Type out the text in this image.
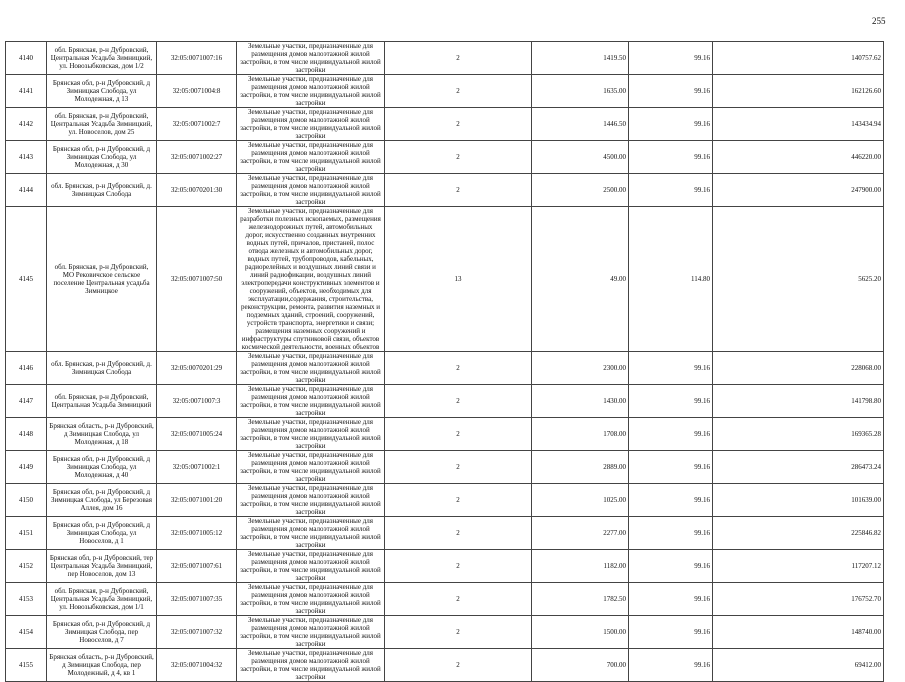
255
4140	обл. Брянская, р-н Дубровский, Центральная Усадьба Зимницкий, ул. Новозыбковская, дом 1/2	32:05:0071007:16	Земельные участки, предназначенные для размещения домов малоэтажной жилой застройки, в том числе индивидуальной жилой застройки	2	1419.50	99.16	140757.62
4141	Брянская обл, р-н Дубровский, д Зимницкая Слобода, ул Молодежная, д 13	32:05:0071004:8	Земельные участки, предназначенные для размещения домов малоэтажной жилой застройки, в том числе индивидуальной жилой застройки	2	1635.00	99.16	162126.60
4142	обл. Брянская, р-н Дубровский, Центральная Усадьба Зимницкий, ул. Новоселов, дом 25	32:05:0071002:7	Земельные участки, предназначенные для размещения домов малоэтажной жилой застройки, в том числе индивидуальной жилой застройки	2	1446.50	99.16	143434.94
4143	Брянская обл, р-н Дубровский, д Зимницкая Слобода, ул Молодежная, д 30	32:05:0071002:27	Земельные участки, предназначенные для размещения домов малоэтажной жилой застройки, в том числе индивидуальной жилой застройки	2	4500.00	99.16	446220.00
4144	обл. Брянская, р-н Дубровский, д. Зимницкая Слобода	32:05:0070201:30	Земельные участки, предназначенные для размещения домов малоэтажной жилой застройки, в том числе индивидуальной жилой застройки	2	2500.00	99.16	247900.00
4145	обл. Брянская, р-н Дубровский, МО Рековичское сельское поселение Центральная усадьба Зимницкое	32:05:0071007:50	Земельные участки, предназначенные для разработки полезных ископаемых, размещения железнодорожных путей, автомобильных дорог, искусственно созданных внутренних водных путей, причалов, пристаней, полос отвода железных и автомобильных дорог, водных путей, трубопроводов, кабельных, радиорелейных и воздушных линий связи и линий радиофикации, воздушных линий электропередачи конструктивных элементов и сооружений, объектов, необходимых для эксплуатации,содержания, строительства, реконструкции, ремонта, развития наземных и подземных зданий, строений, сооружений, устройств транспорта, энергетики и связи; размещения наземных сооружений и инфраструктуры спутниковой связи, объектов космической деятельности, военных объектов	13	49.00	114.80	5625.20
4146	обл. Брянская, р-н Дубровский, д. Зимницкая Слобода	32:05:0070201:29	Земельные участки, предназначенные для размещения домов малоэтажной жилой застройки, в том числе индивидуальной жилой застройки	2	2300.00	99.16	228068.00
4147	обл. Брянская, р-н Дубровский, Центральная Усадьба Зимницкий	32:05:0071007:3	Земельные участки, предназначенные для размещения домов малоэтажной жилой застройки, в том числе индивидуальной жилой застройки	2	1430.00	99.16	141798.80
4148	Брянская область, р-н Дубровский, д Зимницкая Слобода, ул Молодежная, д 18	32:05:0071005:24	Земельные участки, предназначенные для размещения домов малоэтажной жилой застройки, в том числе индивидуальной жилой застройки	2	1708.00	99.16	169365.28
4149	Брянская обл, р-н Дубровский, д Зимницкая Слобода, ул Молодежная, д 40	32:05:0071002:1	Земельные участки, предназначенные для размещения домов малоэтажной жилой застройки, в том числе индивидуальной жилой застройки	2	2889.00	99.16	286473.24
4150	Брянская обл, р-н Дубровский, д Зимницкая Слобода, ул Березовая Аллея, дом 16	32:05:0071001:20	Земельные участки, предназначенные для размещения домов малоэтажной жилой застройки, в том числе индивидуальной жилой застройки	2	1025.00	99.16	101639.00
4151	Брянская обл, р-н Дубровский, д Зимницкая Слобода, ул Новоселов, д 1	32:05:0071005:12	Земельные участки, предназначенные для размещения домов малоэтажной жилой застройки, в том числе индивидуальной жилой застройки	2	2277.00	99.16	225846.82
4152	Брянская обл, р-н Дубровский, тер Центральная Усадьба Зимницкий, пер Новоселов, дом 13	32:05:0071007:61	Земельные участки, предназначенные для размещения домов малоэтажной жилой застройки, в том числе индивидуальной жилой застройки	2	1182.00	99.16	117207.12
4153	обл. Брянская, р-н Дубровский, Центральная Усадьба Зимницкий, ул. Новозыбковская, дом 1/1	32:05:0071007:35	Земельные участки, предназначенные для размещения домов малоэтажной жилой застройки, в том числе индивидуальной жилой застройки	2	1782.50	99.16	176752.70
4154	Брянская обл, р-н Дубровский, д Зимницкая Слобода, пер Новоселов, д 7	32:05:0071007:32	Земельные участки, предназначенные для размещения домов малоэтажной жилой застройки, в том числе индивидуальной жилой застройки	2	1500.00	99.16	148740.00
4155	Брянская область, р-н Дубровский, д Зимницкая Слобода, пер Молодежный, д 4, кв 1	32:05:0071004:32	Земельные участки, предназначенные для размещения домов малоэтажной жилой застройки, в том числе индивидуальной жилой застройки	2	700.00	99.16	69412.00
